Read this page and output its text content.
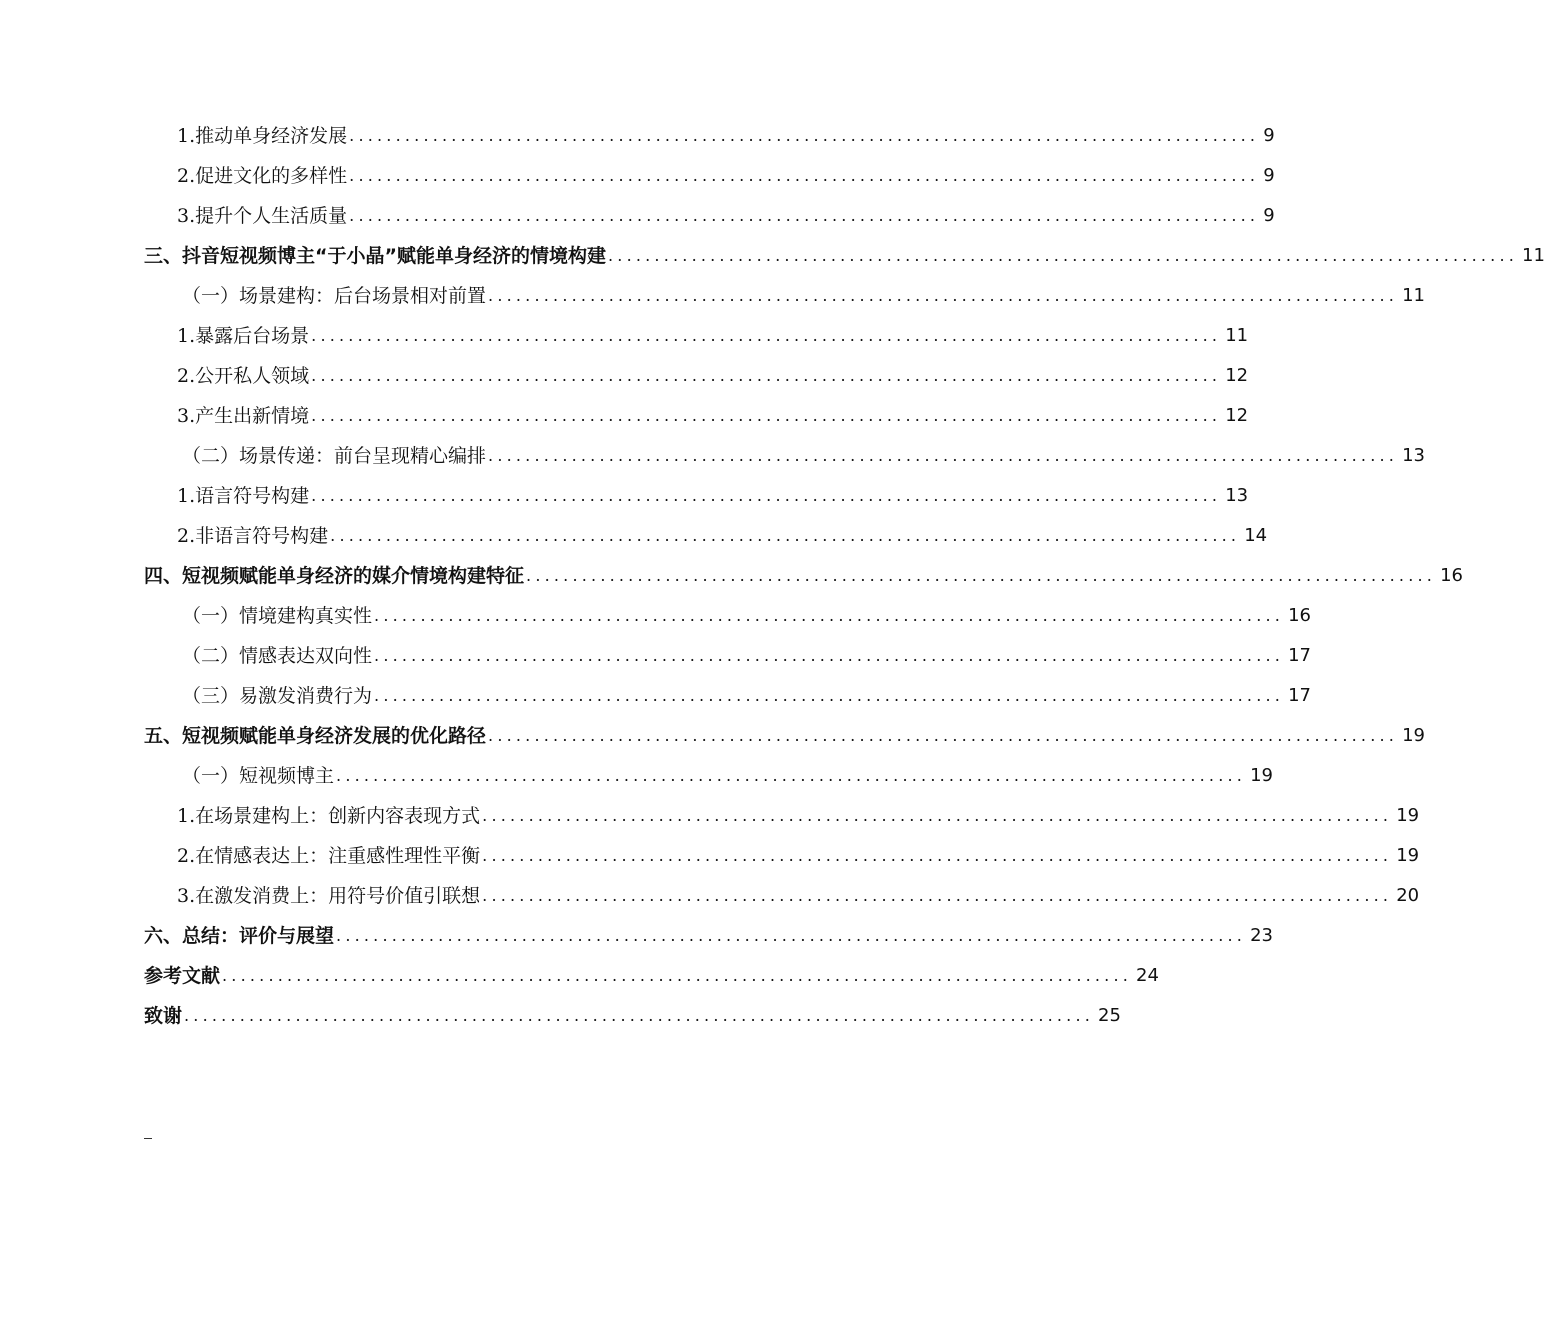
1. 推动单身经济发展 .................................................................................................. 9
2. 促进文化的多样性 .................................................................................................. 9
3. 提升个人生活质量 .................................................................................................. 9
三、 抖音短视频博主“于小晶”赋能单身经济的情境构建 .................................................................................................. 11
（一） 场景建构：后台场景相对前置 .................................................................................................. 11
1. 暴露后台场景 .................................................................................................. 11
2. 公开私人领域 .................................................................................................. 12
3. 产生出新情境 .................................................................................................. 12
（二） 场景传递：前台呈现精心编排 .................................................................................................. 13
1. 语言符号构建 .................................................................................................. 13
2. 非语言符号构建 .................................................................................................. 14
四、 短视频赋能单身经济的媒介情境构建特征 .................................................................................................. 16
（一） 情境建构真实性 .................................................................................................. 16
（二） 情感表达双向性 .................................................................................................. 17
（三） 易激发消费行为 .................................................................................................. 17
五、 短视频赋能单身经济发展的优化路径 .................................................................................................. 19
（一） 短视频博主 .................................................................................................. 19
1. 在场景建构上：创新内容表现方式 .................................................................................................. 19
2. 在情感表达上：注重感性理性平衡 .................................................................................................. 19
3. 在激发消费上：用符号价值引联想 .................................................................................................. 20
六、 总结：评价与展望 .................................................................................................. 23
参考文献 .................................................................................................. 24
致谢 .................................................................................................. 25
